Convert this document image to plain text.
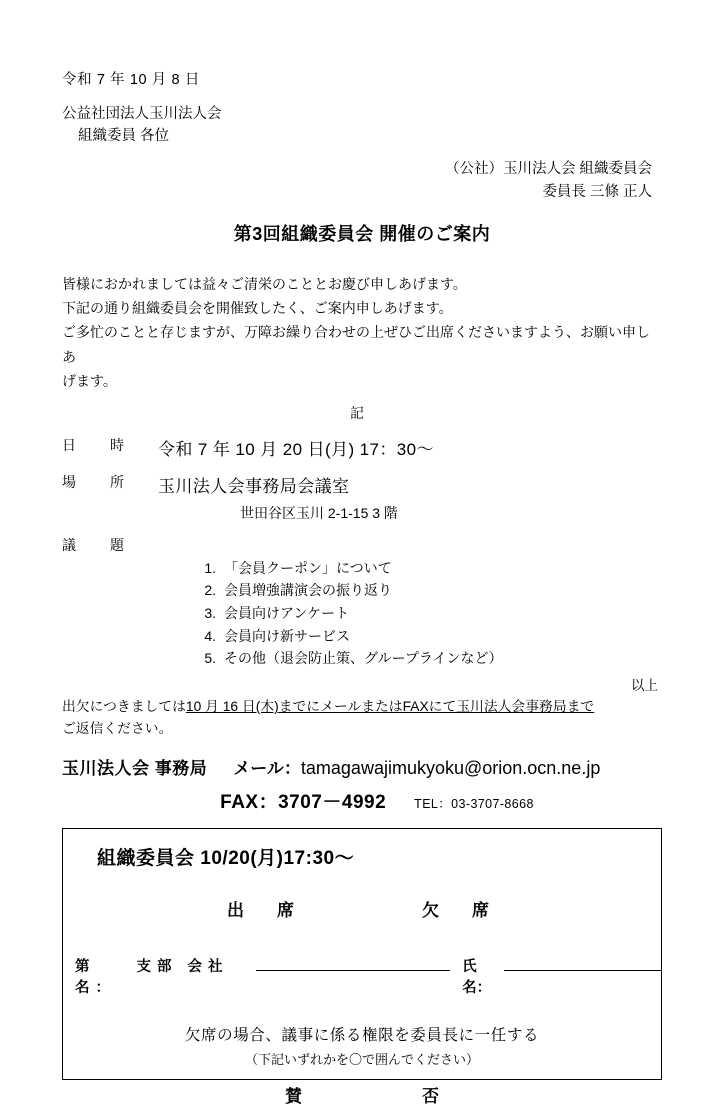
令和 7 年 10 月 8 日
公益社団法人玉川法人会
組織委員 各位
（公社）玉川法人会 組織委員会
委員長 三條 正人
第3回組織委員会 開催のご案内

皆様におかれましては益々ご清栄のこととお慶び申しあげます。

下記の通り組織委員会を開催致したく、ご案内申しあげます。

ご多忙のことと存じますが、万障お繰り合わせの上ぜひご出席くださいますよう、お願い申しあ

げます。

記
日　時	令和 7 年 10 月 20 日(月) 17：30～
場　所	玉川法人会事務局会議室
世田谷区玉川 2-1-15 3 階
議　題
1. 「会員クーポン」について
2. 会員増強講演会の振り返り
3. 会員向けアンケート
4. 会員向け新サービス
5. その他（退会防止策、グループラインなど）
以上
出欠につきましては10 月 16 日(木)までにメールまたはFAXにて玉川法人会事務局まで
ご返信ください。
玉川法人会 事務局 メール： tamagawajimukyoku@orion.ocn.ne.jp
FAX：3707－4992 TEL：03-3707-8668
組織委員会 10/20(月)17:30～
出　席	欠　席
第　　支部 会社名：
氏名：
欠席の場合、議事に係る権限を委員長に一任する
（下記いずれかを〇で囲んでください）
賛	否
